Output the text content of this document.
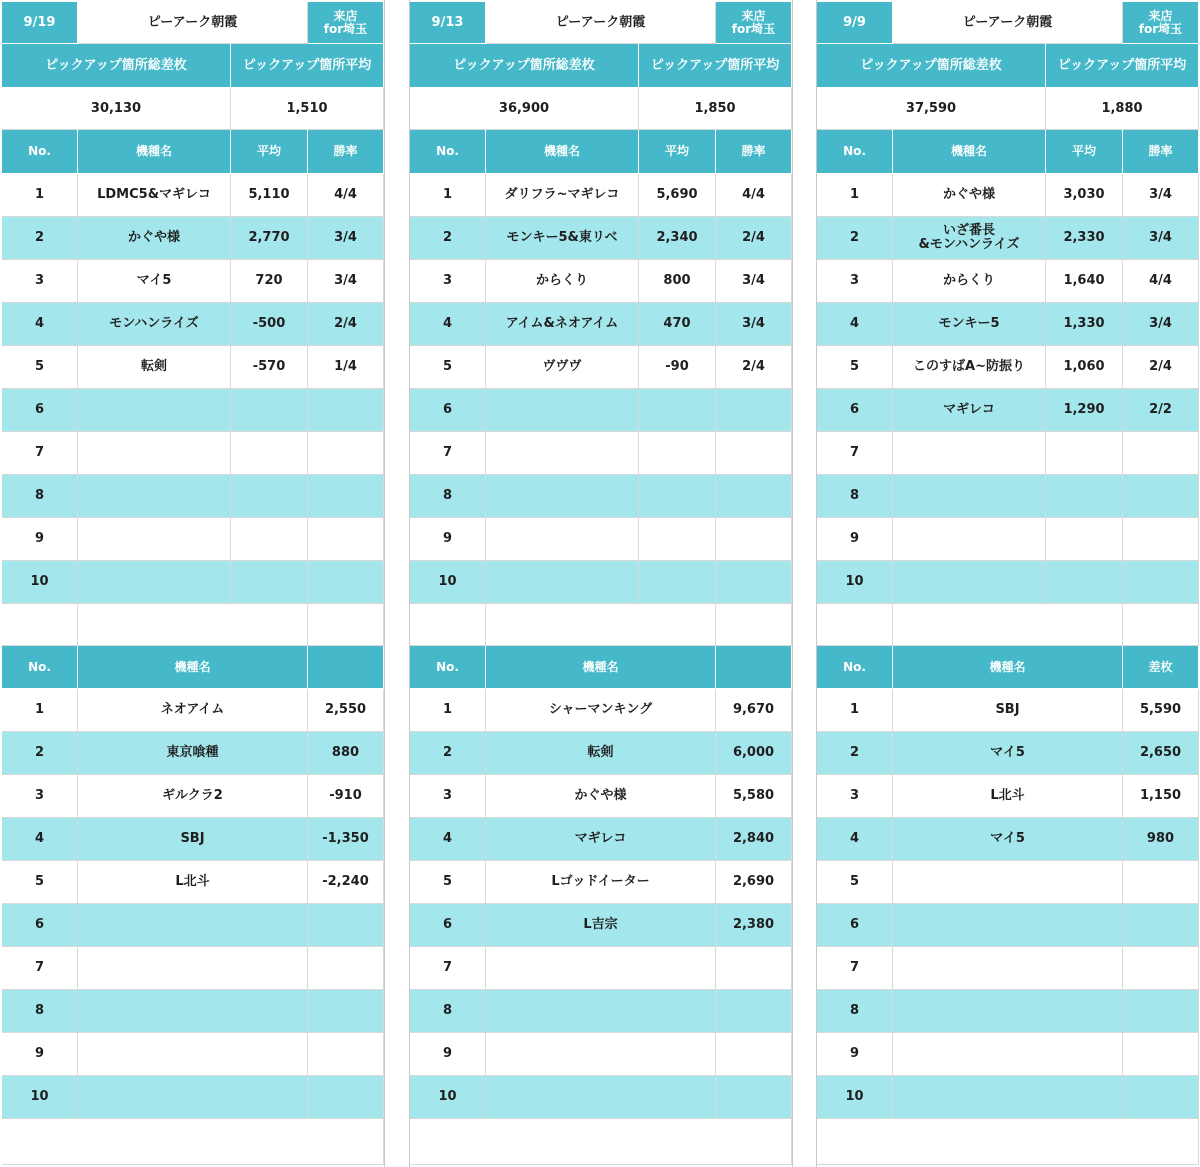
9/19	ピーアーク朝霞	来店
for埼玉
ピックアップ箇所総差枚	ピックアップ箇所平均
30,130	1,510
No.	機種名	平均	勝率
1	LDMC5&マギレコ	5,110	4/4
2	かぐや様	2,770	3/4
3	マイ5	720	3/4
4	モンハンライズ	-500	2/4
5	転剣	-570	1/4
6
7
8
9
10
No.	機種名
1	ネオアイム	2,550
2	東京喰種	880
3	ギルクラ2	-910
4	SBJ	-1,350
5	L北斗	-2,240
6
7
8
9
10
9/13	ピーアーク朝霞	来店
for埼玉
ピックアップ箇所総差枚	ピックアップ箇所平均
36,900	1,850
No.	機種名	平均	勝率
1	ダリフラ~マギレコ	5,690	4/4
2	モンキー5&東リベ	2,340	2/4
3	からくり	800	3/4
4	アイム&ネオアイム	470	3/4
5	ヴヴヴ	-90	2/4
6
7
8
9
10
No.	機種名
1	シャーマンキング	9,670
2	転剣	6,000
3	かぐや様	5,580
4	マギレコ	2,840
5	Lゴッドイーター	2,690
6	L吉宗	2,380
7
8
9
10
9/9	ピーアーク朝霞	来店
for埼玉
ピックアップ箇所総差枚	ピックアップ箇所平均
37,590	1,880
No.	機種名	平均	勝率
1	かぐや様	3,030	3/4
2	いざ番長
&モンハンライズ	2,330	3/4
3	からくり	1,640	4/4
4	モンキー5	1,330	3/4
5	このすばA~防振り	1,060	2/4
6	マギレコ	1,290	2/2
7
8
9
10
No.	機種名	差枚
1	SBJ	5,590
2	マイ5	2,650
3	L北斗	1,150
4	マイ5	980
5
6
7
8
9
10
